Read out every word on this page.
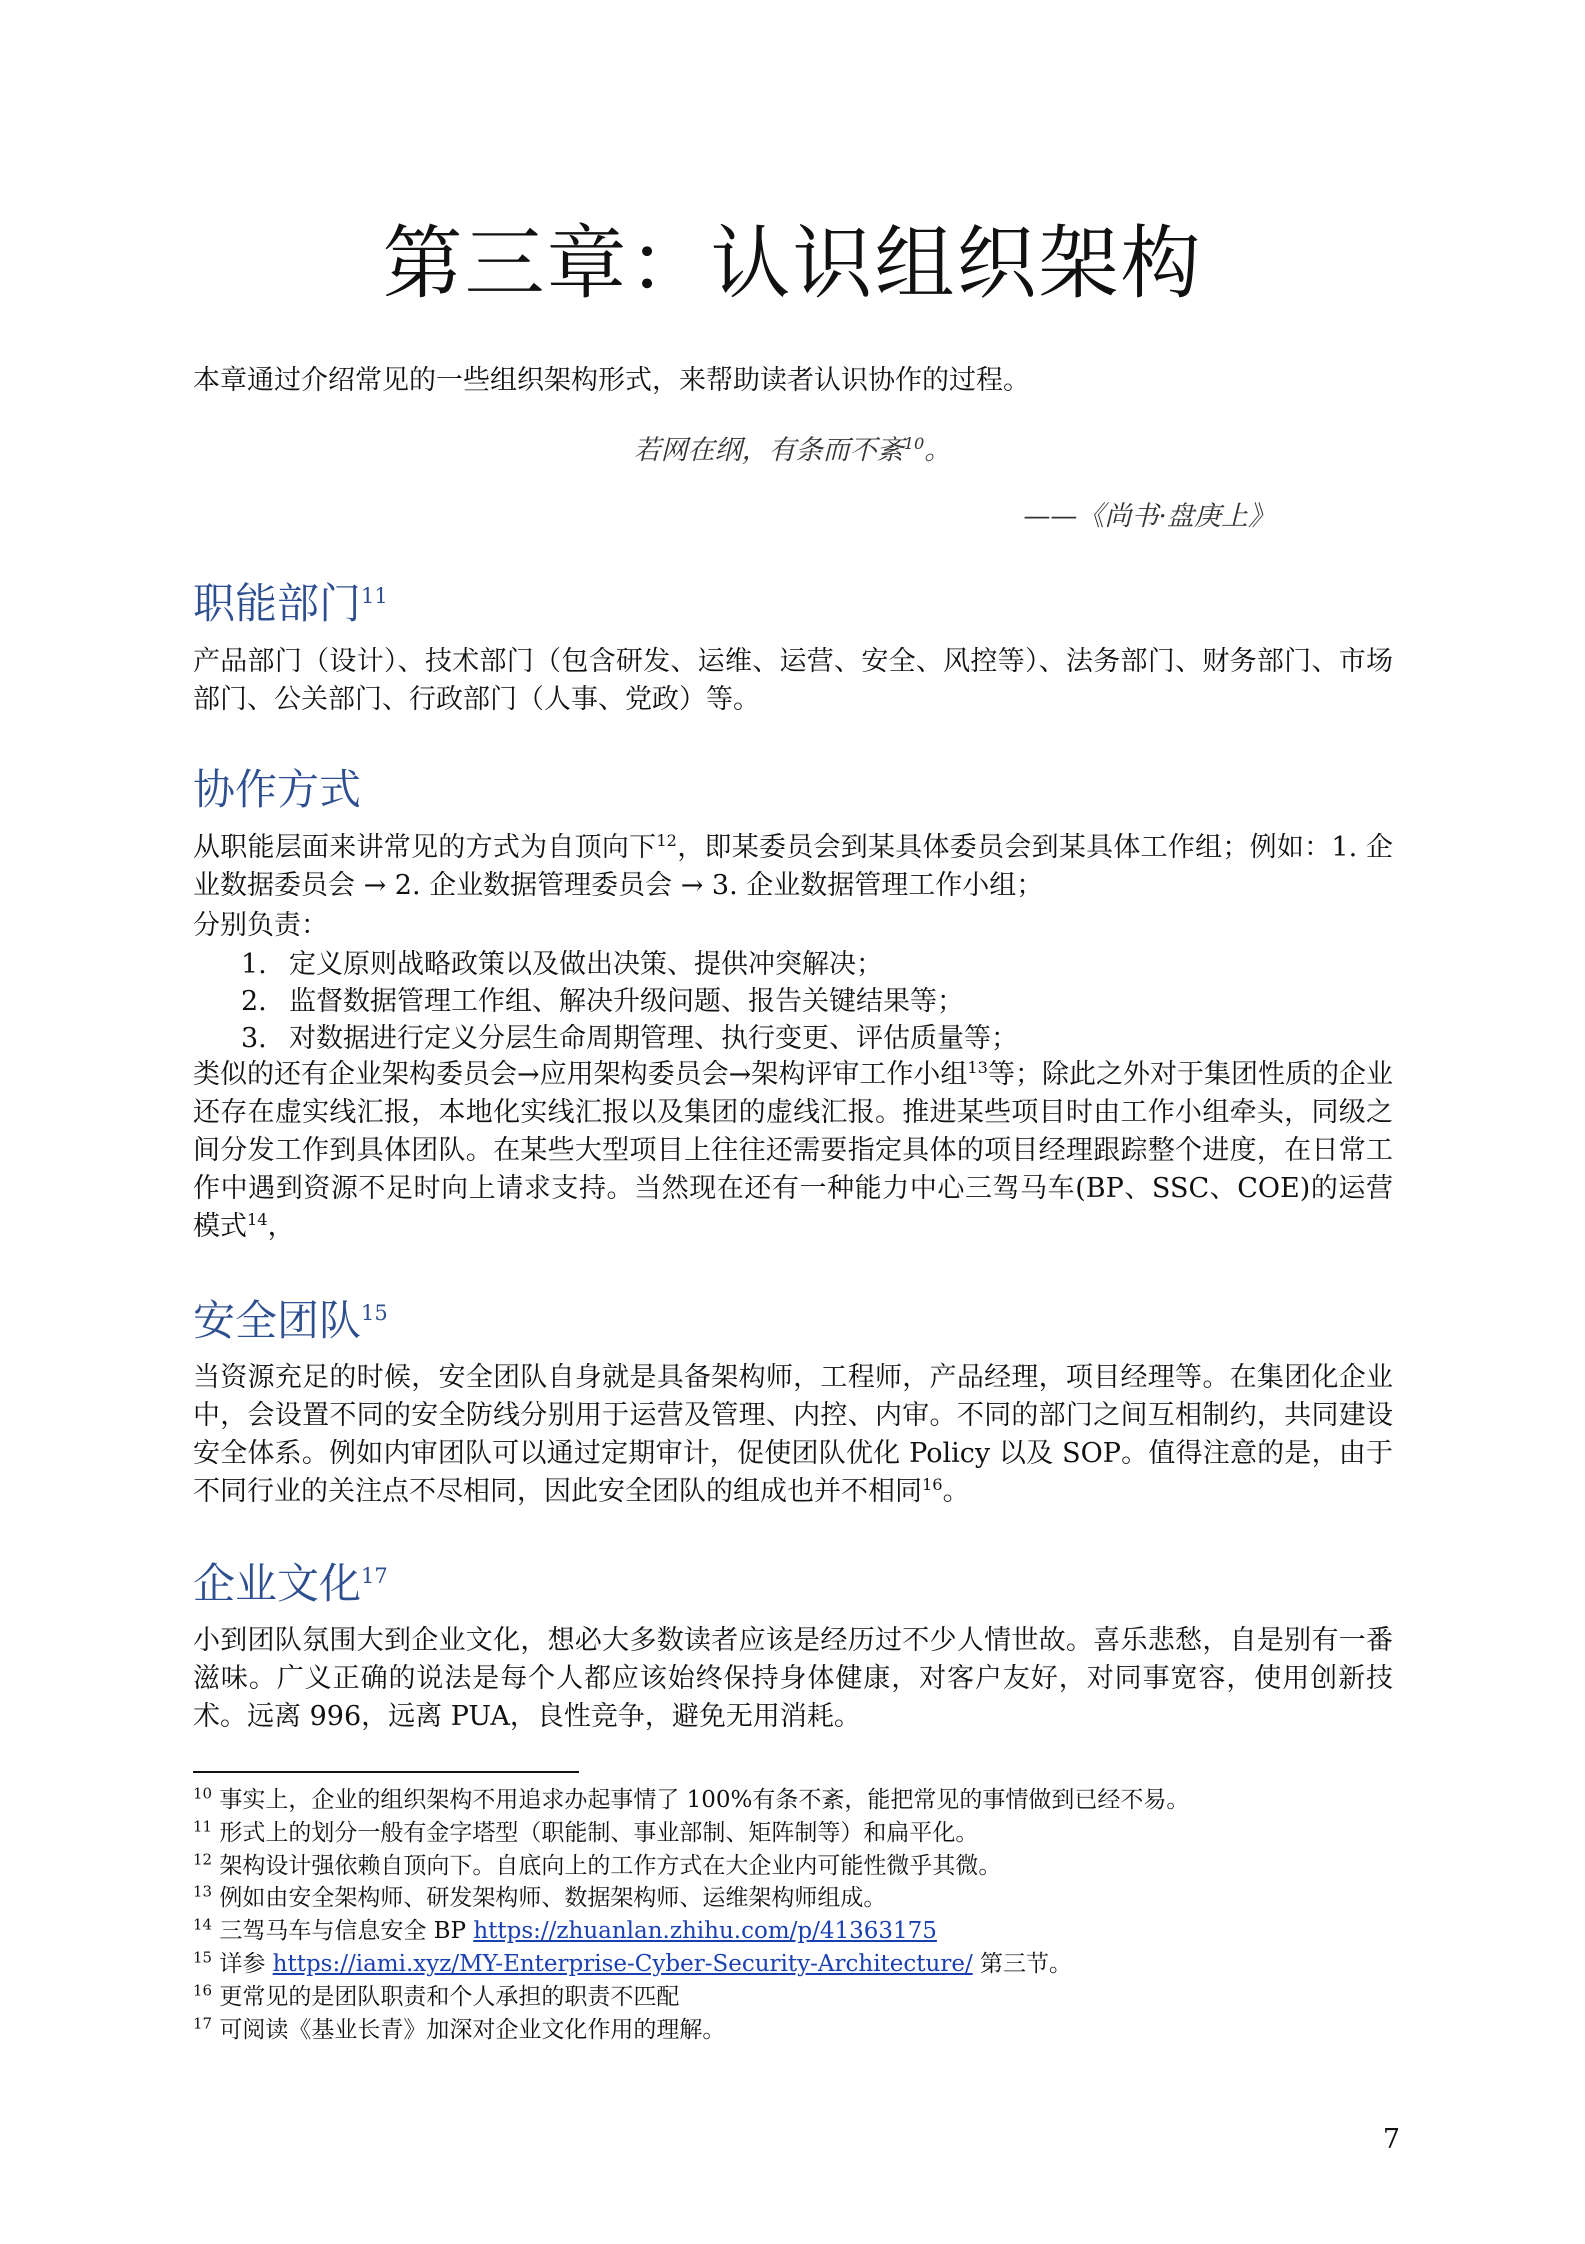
第三章：认识组织架构

本章通过介绍常见的一些组织架构形式，来帮助读者认识协作的过程。

若网在纲，有条而不紊$^{10}$。
——《尚书·盘庚上》
职能部门$^{11}$

产品部门（设计）、技术部门（包含研发、运维、运营、安全、风控等）、法务部门、财务部门、市场部门、公关部门、行政部门（人事、党政）等。

协作方式

从职能层面来讲常见的方式为自顶向下$^{12}$，即某委员会到某具体委员会到某具体工作组；例如：1. 企业数据委员会 → 2. 企业数据管理委员会 → 3. 企业数据管理工作小组；

分别负责：

1. 定义原则战略政策以及做出决策、提供冲突解决；
2. 监督数据管理工作组、解决升级问题、报告关键结果等；
3. 对数据进行定义分层生命周期管理、执行变更、评估质量等；

类似的还有企业架构委员会→应用架构委员会→架构评审工作小组$^{13}$等；除此之外对于集团性质的企业还存在虚实线汇报，本地化实线汇报以及集团的虚线汇报。推进某些项目时由工作小组牵头，同级之间分发工作到具体团队。在某些大型项目上往往还需要指定具体的项目经理跟踪整个进度，在日常工作中遇到资源不足时向上请求支持。当然现在还有一种能力中心三驾马车(BP、SSC、COE)的运营模式$^{14}$，

安全团队$^{15}$

当资源充足的时候，安全团队自身就是具备架构师，工程师，产品经理，项目经理等。在集团化企业中，会设置不同的安全防线分别用于运营及管理、内控、内审。不同的部门之间互相制约，共同建设安全体系。例如内审团队可以通过定期审计，促使团队优化 Policy 以及 SOP。值得注意的是，由于不同行业的关注点不尽相同，因此安全团队的组成也并不相同$^{16}$。

企业文化$^{17}$

小到团队氛围大到企业文化，想必大多数读者应该是经历过不少人情世故。喜乐悲愁，自是别有一番滋味。广义正确的说法是每个人都应该始终保持身体健康，对客户友好，对同事宽容，使用创新技术。远离 996，远离 PUA，良性竞争，避免无用消耗。

$^{10}$ 事实上，企业的组织架构不用追求办起事情了 100%有条不紊，能把常见的事情做到已经不易。
$^{11}$ 形式上的划分一般有金字塔型（职能制、事业部制、矩阵制等）和扁平化。
$^{12}$ 架构设计强依赖自顶向下。自底向上的工作方式在大企业内可能性微乎其微。
$^{13}$ 例如由安全架构师、研发架构师、数据架构师、运维架构师组成。
$^{14}$ 三驾马车与信息安全 BP https://zhuanlan.zhihu.com/p/41363175
$^{15}$ 详参 https://iami.xyz/MY-Enterprise-Cyber-Security-Architecture/ 第三节。
$^{16}$ 更常见的是团队职责和个人承担的职责不匹配
$^{17}$ 可阅读《基业长青》加深对企业文化作用的理解。
7
